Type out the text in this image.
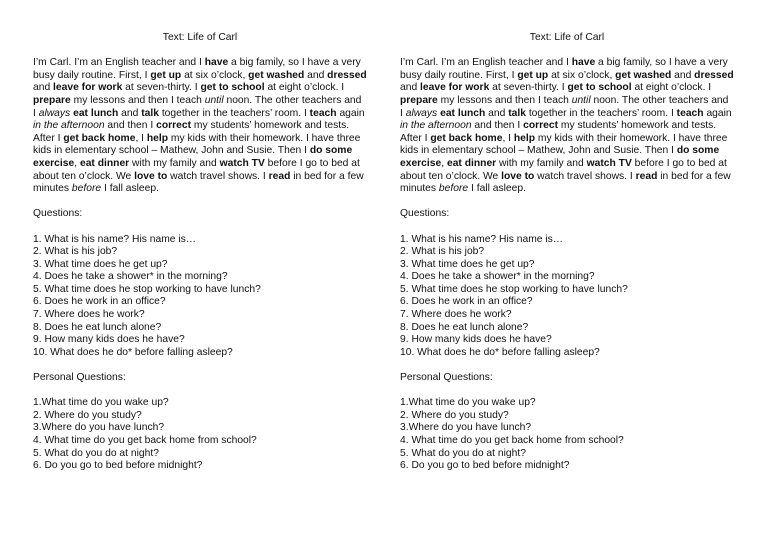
Text: Life of Carl
I’m Carl. I’m an English teacher and I have a big family, so I have a very busy daily routine. First, I get up at six o’clock, get washed and dressed and leave for work at seven-thirty. I get to school at eight o’clock. I prepare my lessons and then I teach until noon. The other teachers and I always eat lunch and talk together in the teachers’ room. I teach again in the afternoon and then I correct my students’ homework and tests. After I get back home, I help my kids with their homework. I have three kids in elementary school – Mathew, John and Susie. Then I do some exercise, eat dinner with my family and watch TV before I go to bed at about ten o’clock. We love to watch travel shows. I read in bed for a few minutes before I fall asleep.
Questions:
1. What is his name? His name is…
2. What is his job?
3. What time does he get up?
4. Does he take a shower* in the morning?
5. What time does he stop working to have lunch?
6. Does he work in an office?
7. Where does he work?
8. Does he eat lunch alone?
9. How many kids does he have?
10. What does he do* before falling asleep?
Personal Questions:
1.What time do you wake up?
2. Where do you study?
3.Where do you have lunch?
4. What time do you get back home from school?
5. What do you do at night?
6. Do you go to bed before midnight?
Text: Life of Carl
I’m Carl. I’m an English teacher and I have a big family, so I have a very busy daily routine. First, I get up at six o’clock, get washed and dressed and leave for work at seven-thirty. I get to school at eight o’clock. I prepare my lessons and then I teach until noon. The other teachers and I always eat lunch and talk together in the teachers’ room. I teach again in the afternoon and then I correct my students’ homework and tests. After I get back home, I help my kids with their homework. I have three kids in elementary school – Mathew, John and Susie. Then I do some exercise, eat dinner with my family and watch TV before I go to bed at about ten o’clock. We love to watch travel shows. I read in bed for a few minutes before I fall asleep.
Questions:
1. What is his name? His name is…
2. What is his job?
3. What time does he get up?
4. Does he take a shower* in the morning?
5. What time does he stop working to have lunch?
6. Does he work in an office?
7. Where does he work?
8. Does he eat lunch alone?
9. How many kids does he have?
10. What does he do* before falling asleep?
Personal Questions:
1.What time do you wake up?
2. Where do you study?
3.Where do you have lunch?
4. What time do you get back home from school?
5. What do you do at night?
6. Do you go to bed before midnight?
